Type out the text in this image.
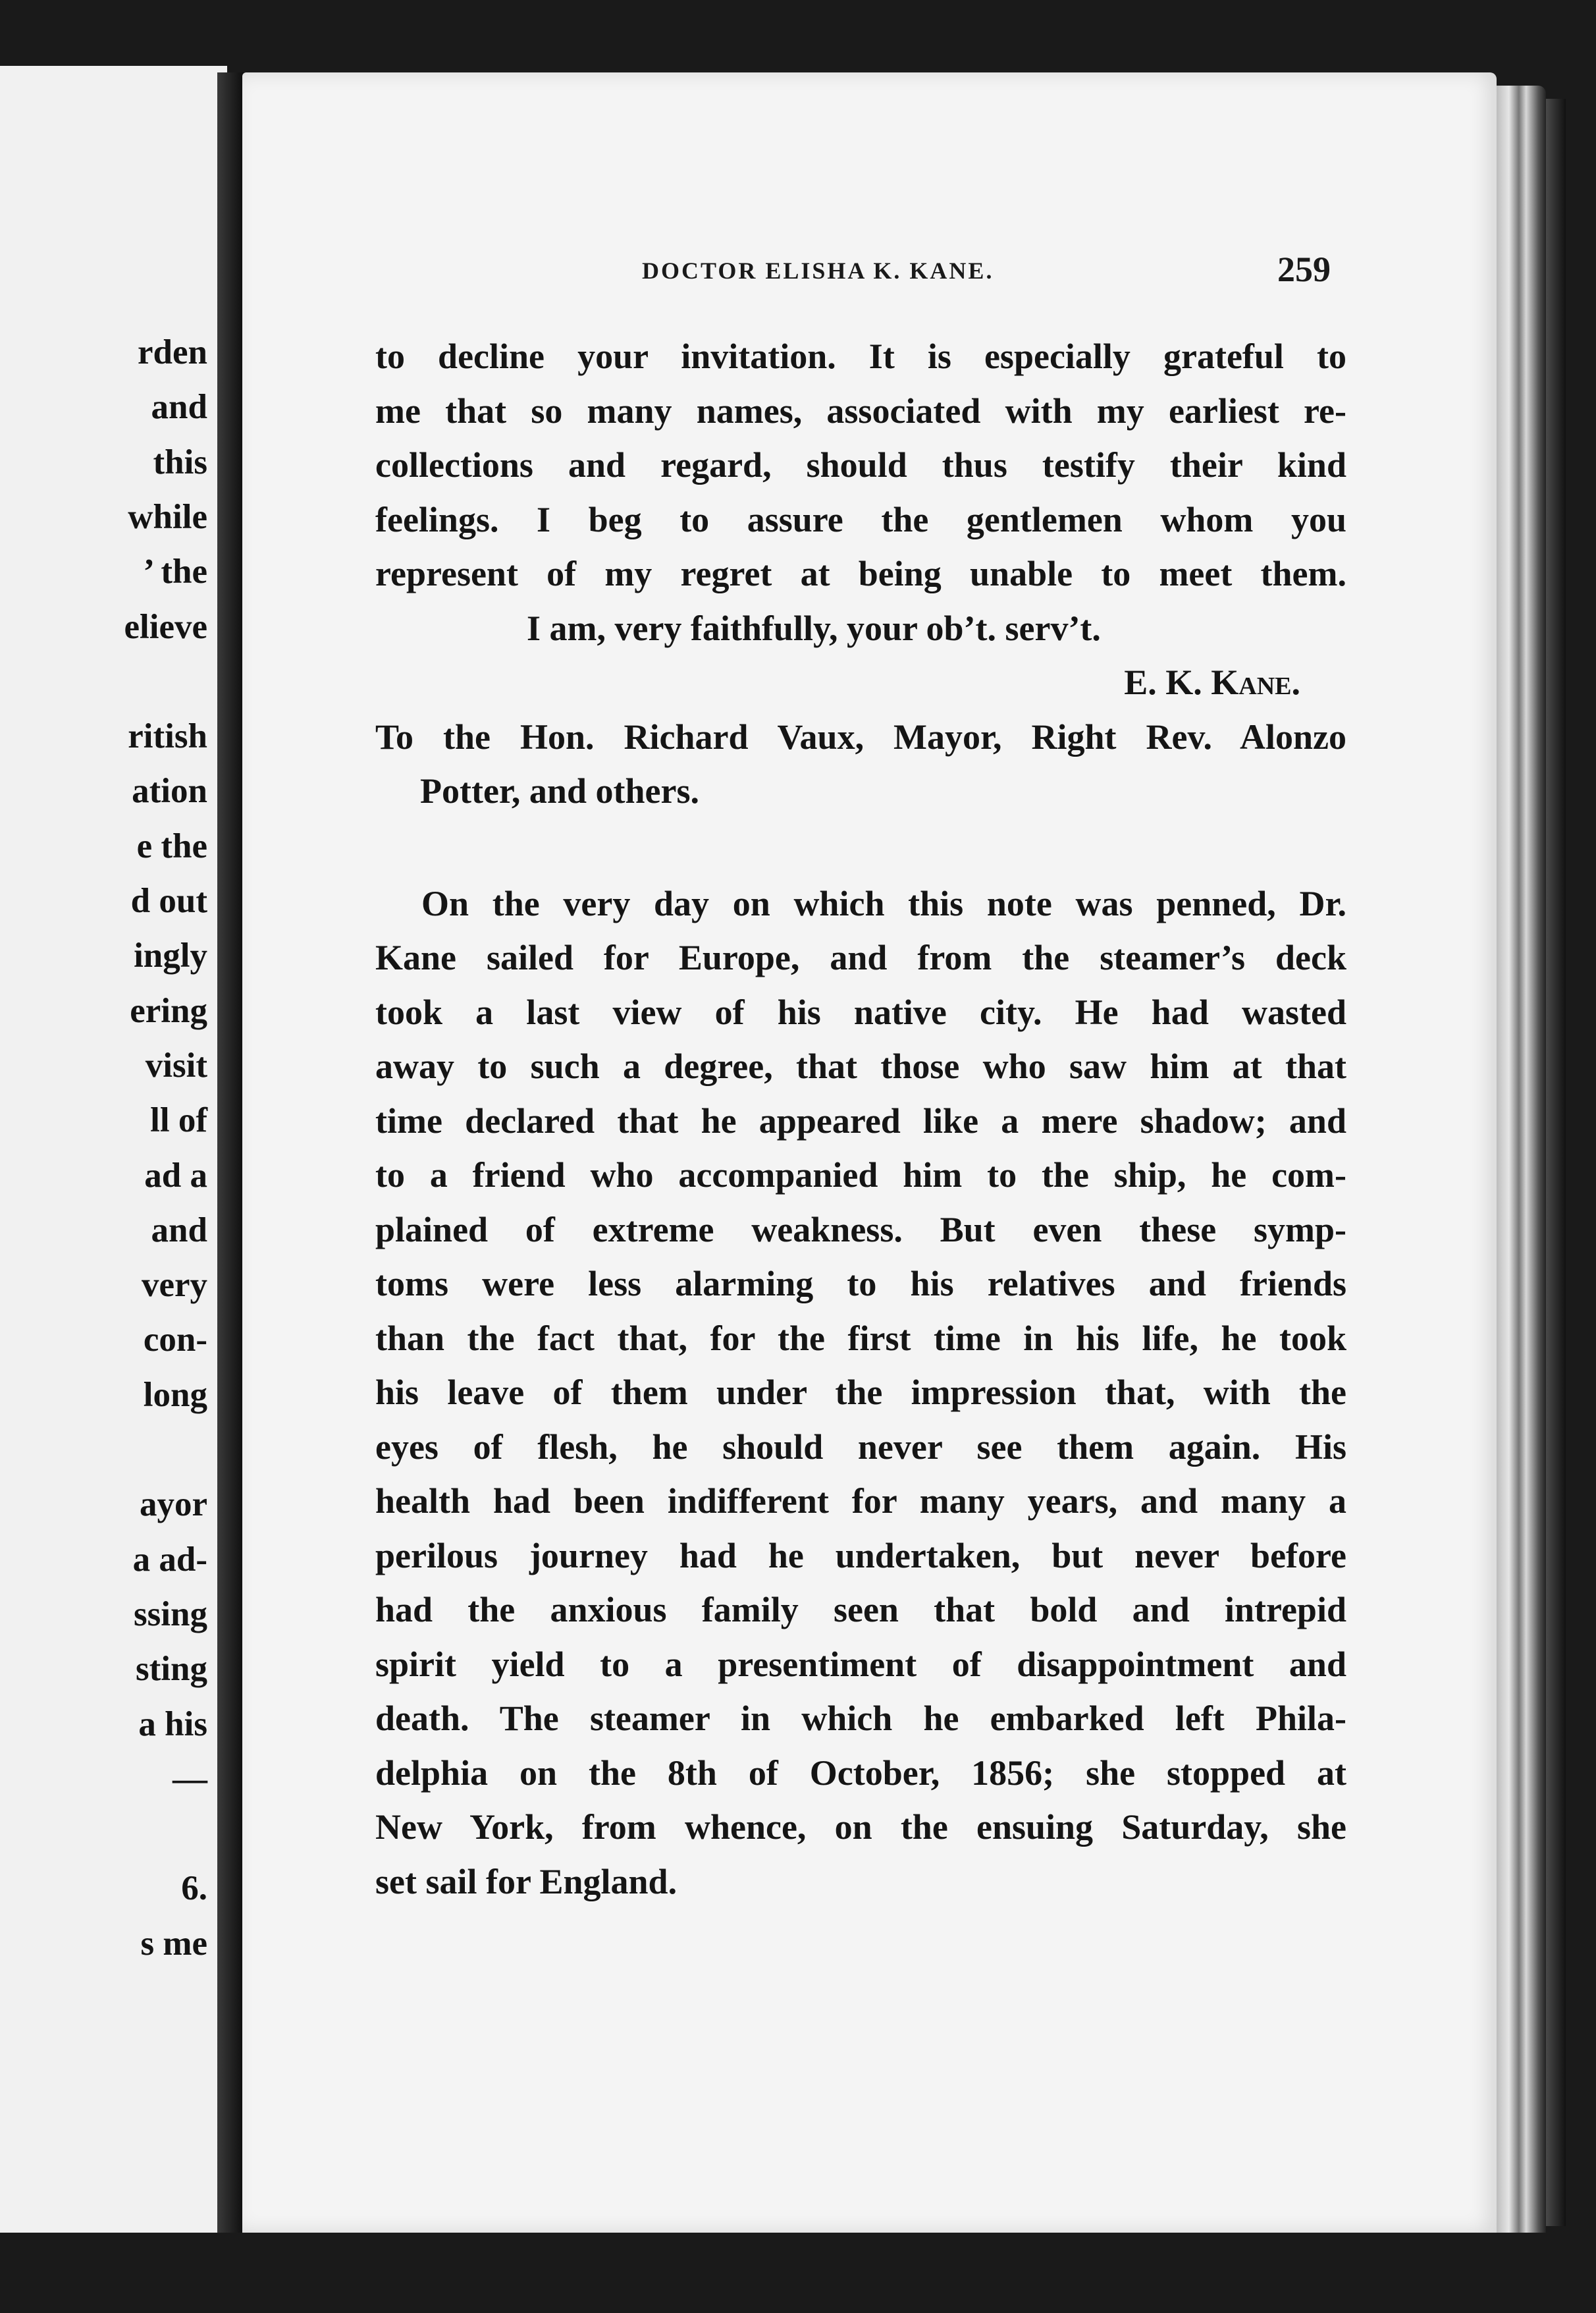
rden
and
this
while
’ the
elieve
ritish
ation
e the
d out
ingly
ering
visit
ll of
ad a
and
very
con-
long
ayor
a ad-
ssing
sting
a his
—
6.
s me
DOCTOR ELISHA K. KANE.	259
to decline your invitation. It is especially grateful to
me that so many names, associated with my earliest re-
collections and regard, should thus testify their kind
feelings. I beg to assure the gentlemen whom you
represent of my regret at being unable to meet them.
I am, very faithfully, your ob’t. serv’t.
E. K. Kane.
To the Hon. Richard Vaux, Mayor, Right Rev. Alonzo
Potter, and others.
On the very day on which this note was penned, Dr.
Kane sailed for Europe, and from the steamer’s deck
took a last view of his native city. He had wasted
away to such a degree, that those who saw him at that
time declared that he appeared like a mere shadow; and
to a friend who accompanied him to the ship, he com-
plained of extreme weakness. But even these symp-
toms were less alarming to his relatives and friends
than the fact that, for the first time in his life, he took
his leave of them under the impression that, with the
eyes of flesh, he should never see them again. His
health had been indifferent for many years, and many a
perilous journey had he undertaken, but never before
had the anxious family seen that bold and intrepid
spirit yield to a presentiment of disappointment and
death. The steamer in which he embarked left Phila-
delphia on the 8th of October, 1856; she stopped at
New York, from whence, on the ensuing Saturday, she
set sail for England.
